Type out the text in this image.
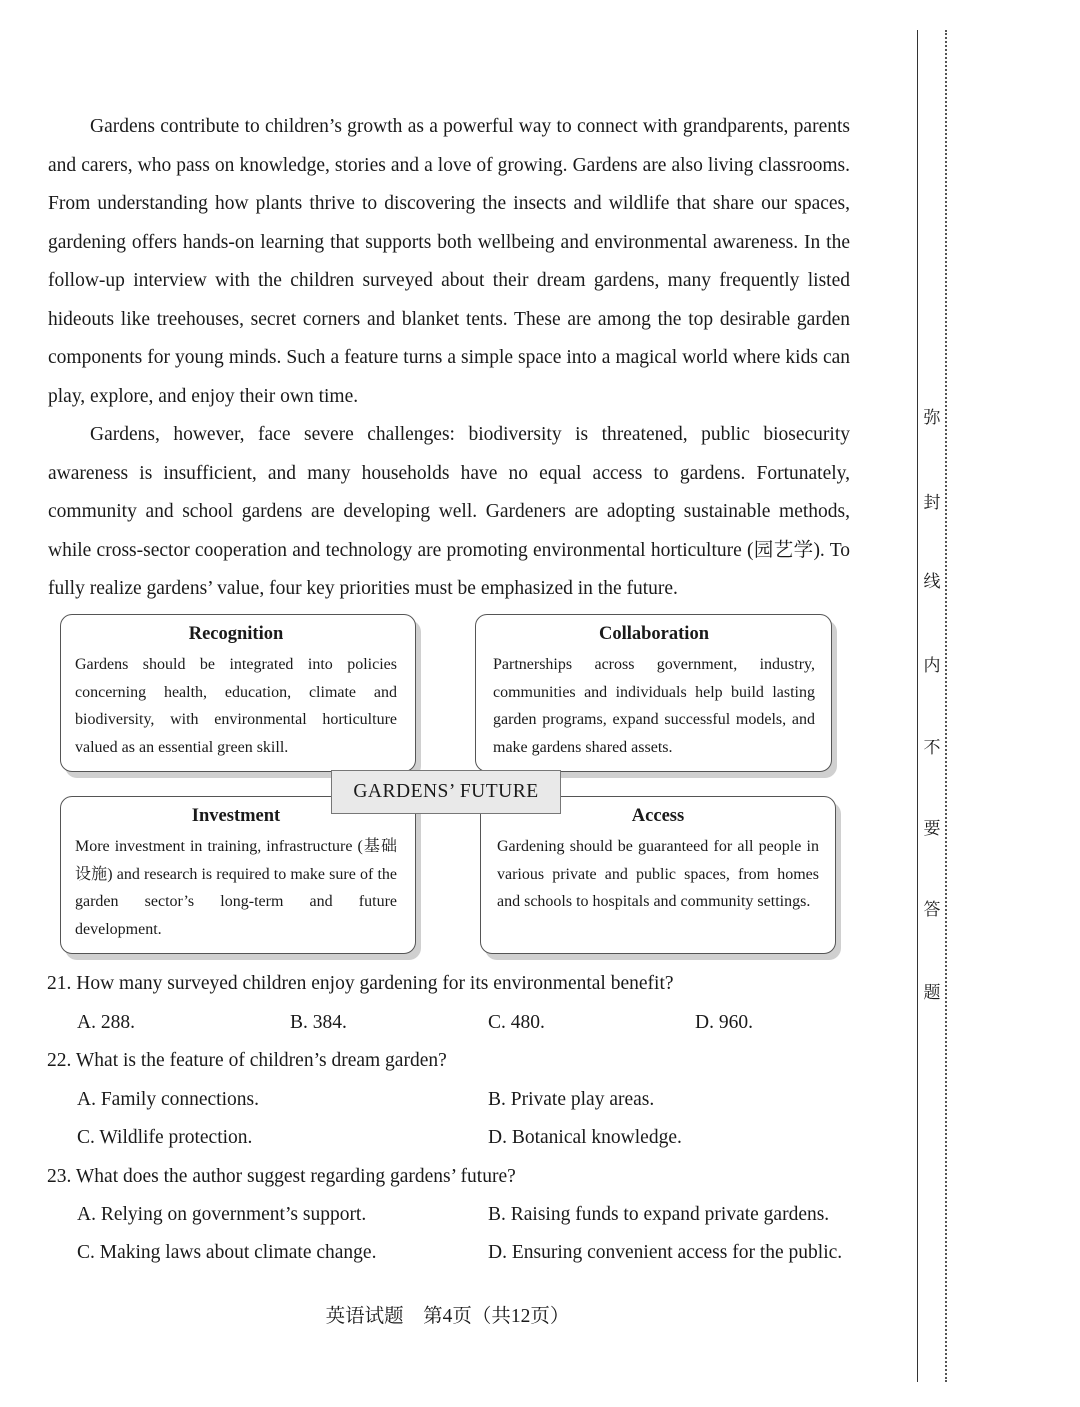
Gardens contribute to children’s growth as a powerful way to connect with grandparents, parents and carers, who pass on knowledge, stories and a love of growing. Gardens are also living classrooms. From understanding how plants thrive to discovering the insects and wildlife that share our spaces, gardening offers hands-on learning that supports both wellbeing and environmental awareness. In the follow-up interview with the children surveyed about their dream gardens, many frequently listed hideouts like treehouses, secret corners and blanket tents. These are among the top desirable garden components for young minds. Such a feature turns a simple space into a magical world where kids can play, explore, and enjoy their own time.

Gardens, however, face severe challenges: biodiversity is threatened, public biosecurity awareness is insufficient, and many households have no equal access to gardens. Fortunately, community and school gardens are developing well. Gardeners are adopting sustainable methods, while cross-sector cooperation and technology are promoting environmental horticulture (园艺学). To fully realize gardens’ value, four key priorities must be emphasized in the future.

Recognition
Gardens should be integrated into policies concerning health, education, climate and biodiversity, with environmental horticulture valued as an essential green skill.
Collaboration
Partnerships across government, industry, communities and individuals help build lasting garden programs, expand successful models, and make gardens shared assets.
Investment
More investment in training, infrastructure (基础设施) and research is required to make sure of the garden sector’s long-term and future development.
Access
Gardening should be guaranteed for all people in various private and public spaces, from homes and schools to hospitals and community settings.
GARDENS’ FUTURE
21. How many surveyed children enjoy gardening for its environmental benefit?
A. 288.	B. 384.	C. 480.	D. 960.
22. What is the feature of children’s dream garden?
A. Family connections.	B. Private play areas.
C. Wildlife protection.	D. Botanical knowledge.
23. What does the author suggest regarding gardens’ future?
A. Relying on government’s support.	B. Raising funds to expand private gardens.
C. Making laws about climate change.	D. Ensuring convenient access for the public.
英语试题　第4页（共12页）
弥
封
线
内
不
要
答
题
